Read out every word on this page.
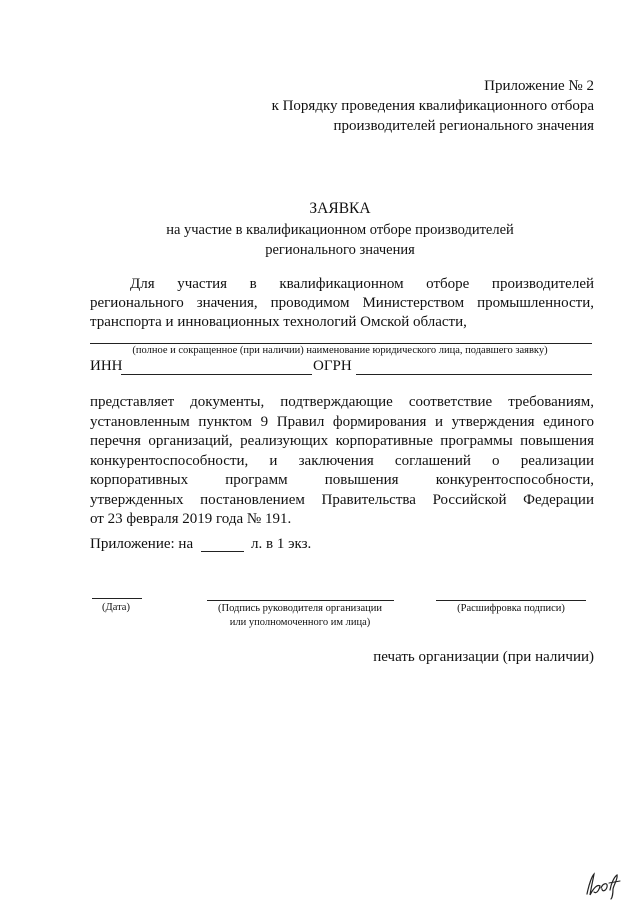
Приложение № 2
к Порядку проведения квалификационного отбора
производителей регионального значения
ЗАЯВКА
на участие в квалификационном отборе производителей
регионального значения
Для участия в квалификационном отборе производителей
регионального значения, проводимом Министерством промышленности,
транспорта и инновационных технологий Омской области,
(полное и сокращенное (при наличии) наименование юридического лица, подавшего заявку)
ИНН	ОГРН
представляет документы, подтверждающие соответствие требованиям,
установленным пунктом 9 Правил формирования и утверждения единого
перечня организаций, реализующих корпоративные программы повышения
конкурентоспособности, и заключения соглашений о реализации
корпоративных программ повышения конкурентоспособности,
утвержденных постановлением Правительства Российской Федерации
от 23 февраля 2019 года № 191.
Приложение: на	л. в 1 экз.
(Дата)	(Подпись руководителя организации
или уполномоченного им лица)
(Расшифровка подписи)
печать организации (при наличии)
